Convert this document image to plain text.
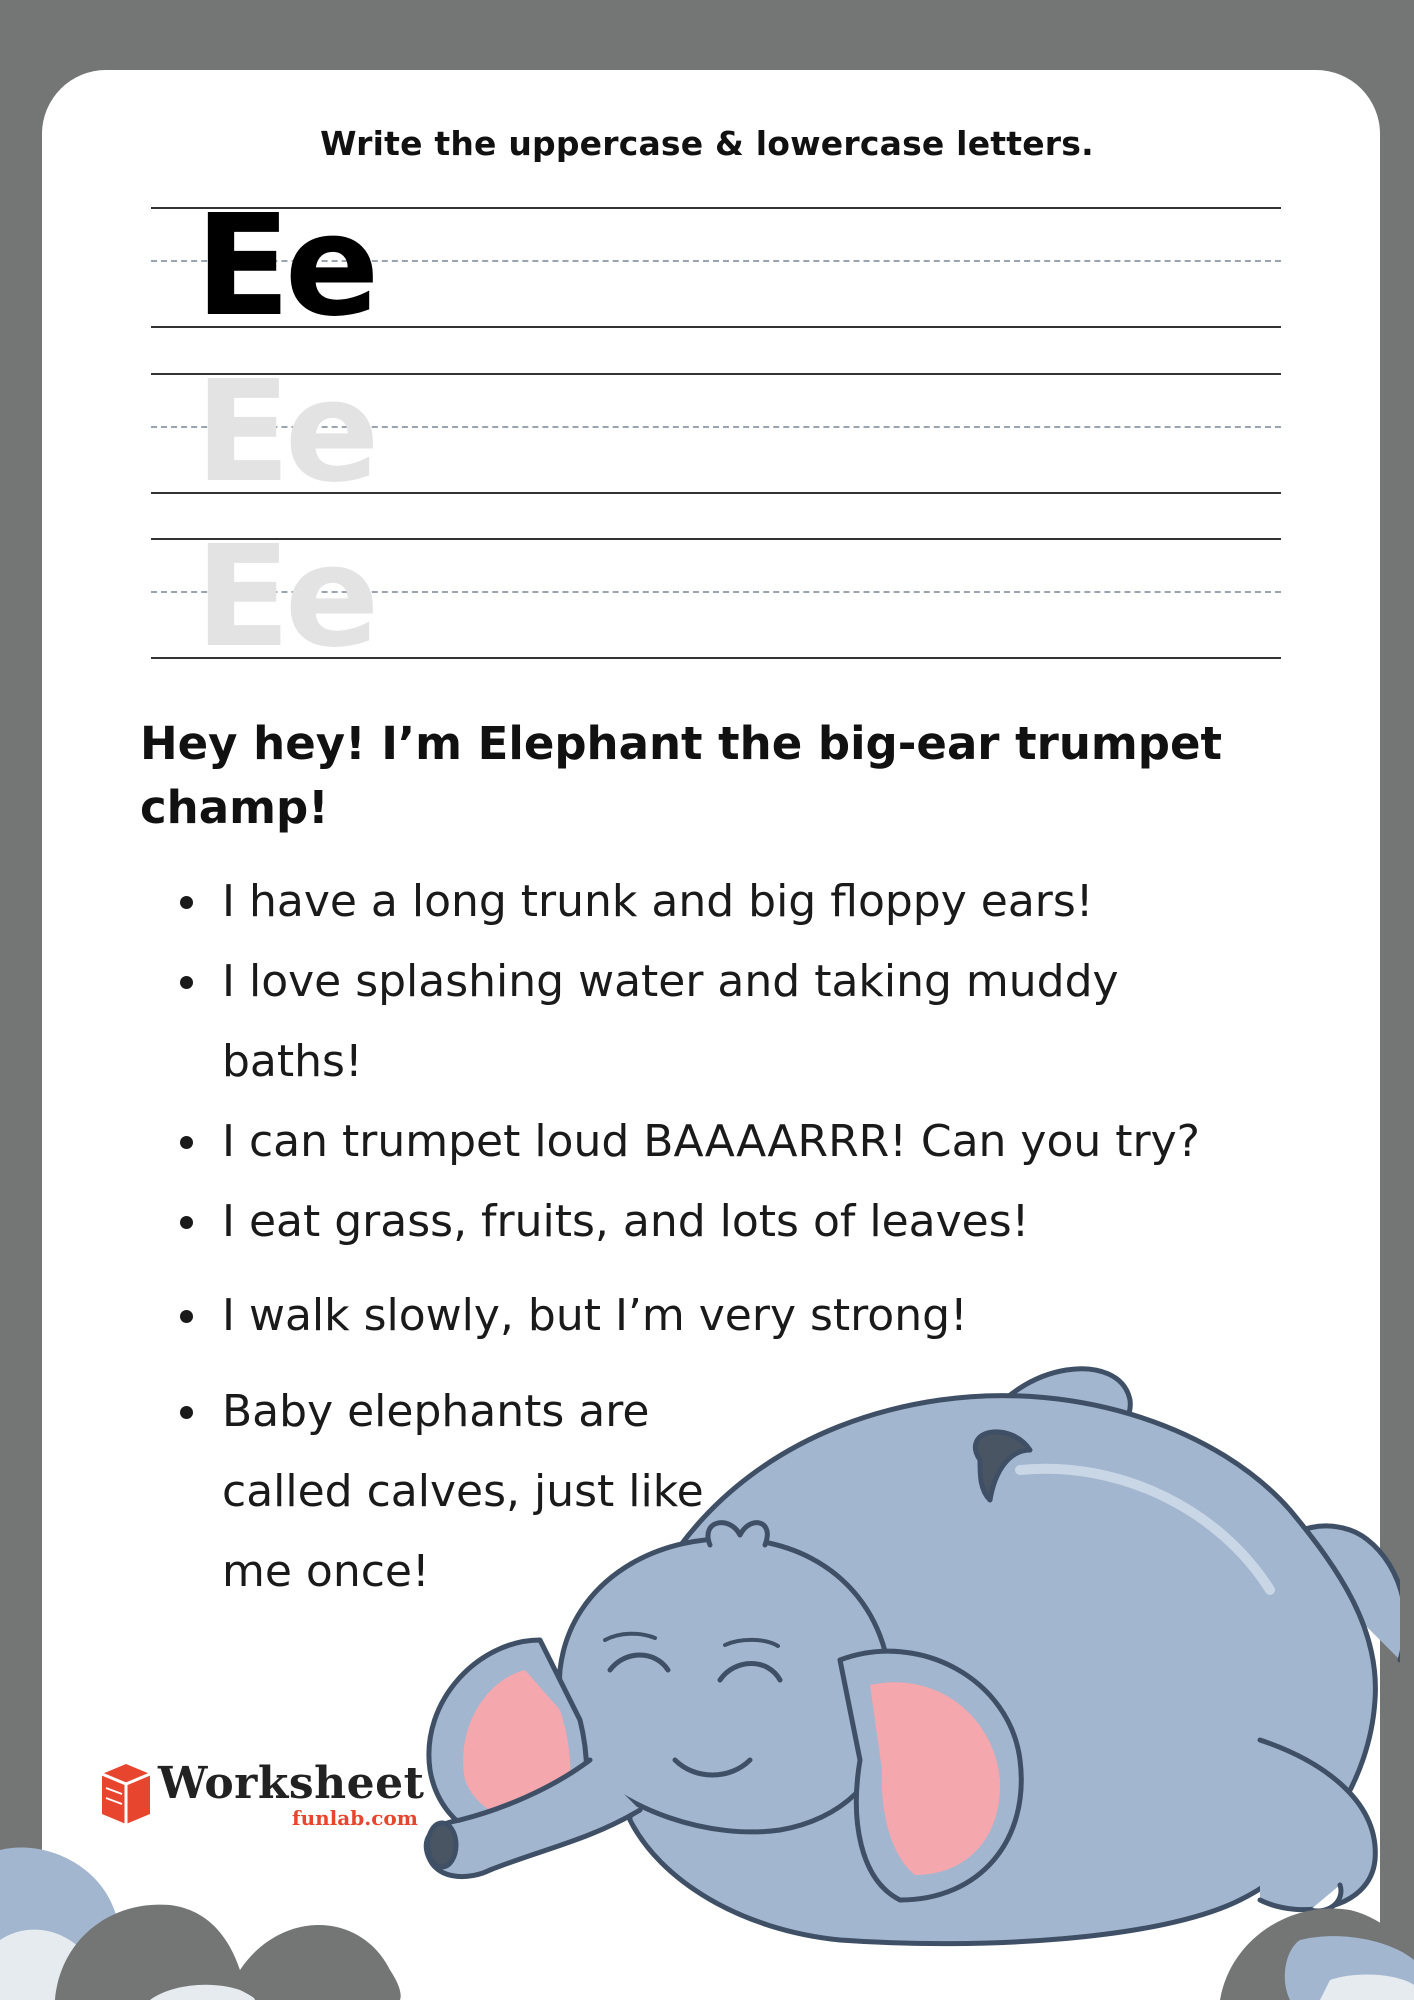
Write the uppercase & lowercase letters.
Ee
Ee
Ee
Hey hey! I’m Elephant the big-ear trumpet champ!
I have a long trunk and big floppy ears!
I love splashing water and taking muddy
baths!
I can trumpet loud BAAAARRR! Can you try?
I eat grass, fruits, and lots of leaves!
I walk slowly, but I’m very strong!
Baby elephants are
called calves, just like
me once!
Worksheet
funlab.com
